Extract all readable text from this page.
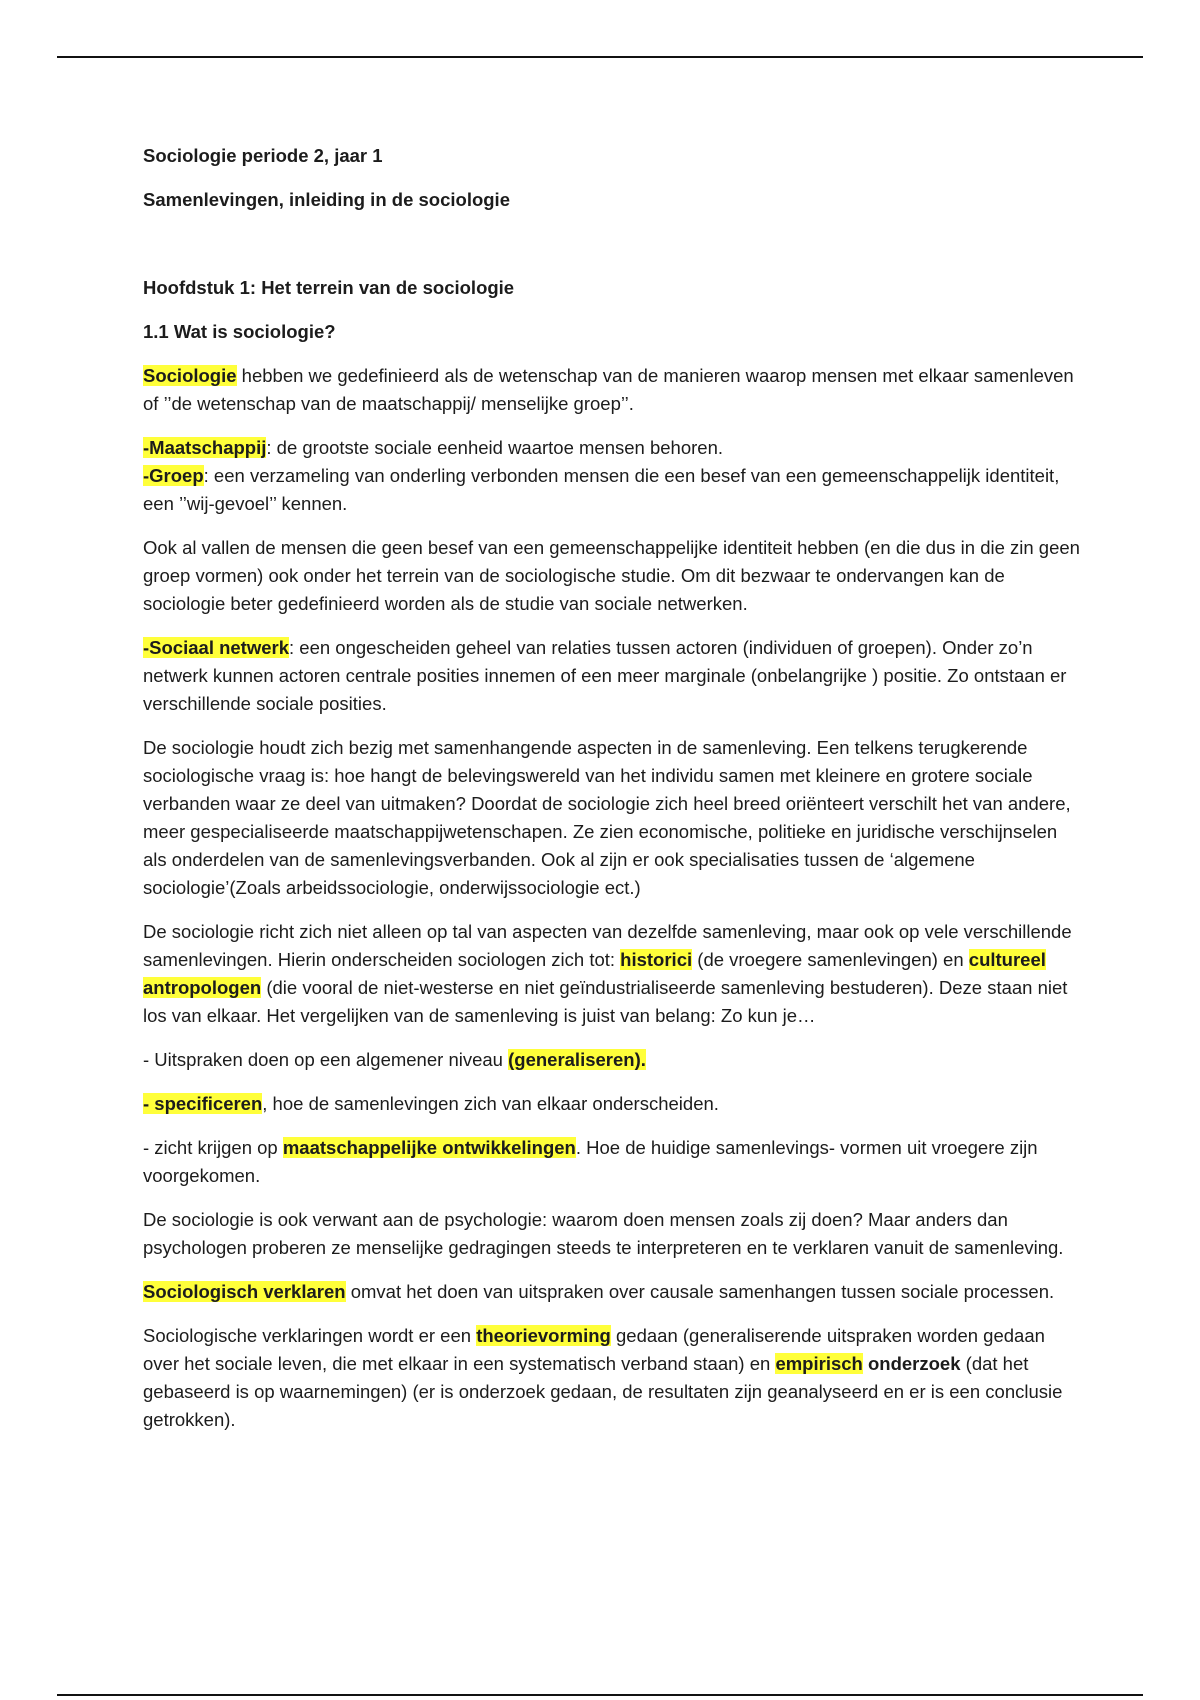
Sociologie periode 2, jaar 1

Samenlevingen, inleiding in de sociologie

Hoofdstuk 1: Het terrein van de sociologie

1.1 Wat is sociologie?

Sociologie hebben we gedefinieerd als de wetenschap van de manieren waarop mensen met elkaar samenleven of ’’de wetenschap van de maatschappij/ menselijke groep’’.

-Maatschappij: de grootste sociale eenheid waartoe mensen behoren.
-Groep: een verzameling van onderling verbonden mensen die een besef van een gemeenschappelijk identiteit, een ’’wij-gevoel’’ kennen.

Ook al vallen de mensen die geen besef van een gemeenschappelijke identiteit hebben (en die dus in die zin geen groep vormen) ook onder het terrein van de sociologische studie. Om dit bezwaar te ondervangen kan de sociologie beter gedefinieerd worden als de studie van sociale netwerken.

-Sociaal netwerk: een ongescheiden geheel van relaties tussen actoren (individuen of groepen). Onder zo’n netwerk kunnen actoren centrale posities innemen of een meer marginale (onbelangrijke ) positie. Zo ontstaan er verschillende sociale posities.

De sociologie houdt zich bezig met samenhangende aspecten in de samenleving. Een telkens terugkerende sociologische vraag is: hoe hangt de belevingswereld van het individu samen met kleinere en grotere sociale verbanden waar ze deel van uitmaken? Doordat de sociologie zich heel breed oriënteert verschilt het van andere, meer gespecialiseerde maatschappijwetenschapen. Ze zien economische, politieke en juridische verschijnselen als onderdelen van de samenlevingsverbanden. Ook al zijn er ook specialisaties tussen de ‘algemene sociologie’(Zoals arbeidssociologie, onderwijssociologie ect.)

De sociologie richt zich niet alleen op tal van aspecten van dezelfde samenleving, maar ook op vele verschillende samenlevingen. Hierin onderscheiden sociologen zich tot: historici (de vroegere samenlevingen) en cultureel antropologen (die vooral de niet-westerse en niet geïndustrialiseerde samenleving bestuderen). Deze staan niet los van elkaar. Het vergelijken van de samenleving is juist van belang: Zo kun je…

- Uitspraken doen op een algemener niveau (generaliseren).

- specificeren, hoe de samenlevingen zich van elkaar onderscheiden.

- zicht krijgen op maatschappelijke ontwikkelingen. Hoe de huidige samenlevings- vormen uit vroegere zijn voorgekomen.

De sociologie is ook verwant aan de psychologie: waarom doen mensen zoals zij doen? Maar anders dan psychologen proberen ze menselijke gedragingen steeds te interpreteren en te verklaren vanuit de samenleving.

Sociologisch verklaren omvat het doen van uitspraken over causale samenhangen tussen sociale processen.

Sociologische verklaringen wordt er een theorievorming gedaan (generaliserende uitspraken worden gedaan over het sociale leven, die met elkaar in een systematisch verband staan) en empirisch onderzoek (dat het gebaseerd is op waarnemingen) (er is onderzoek gedaan, de resultaten zijn geanalyseerd en er is een conclusie getrokken).
